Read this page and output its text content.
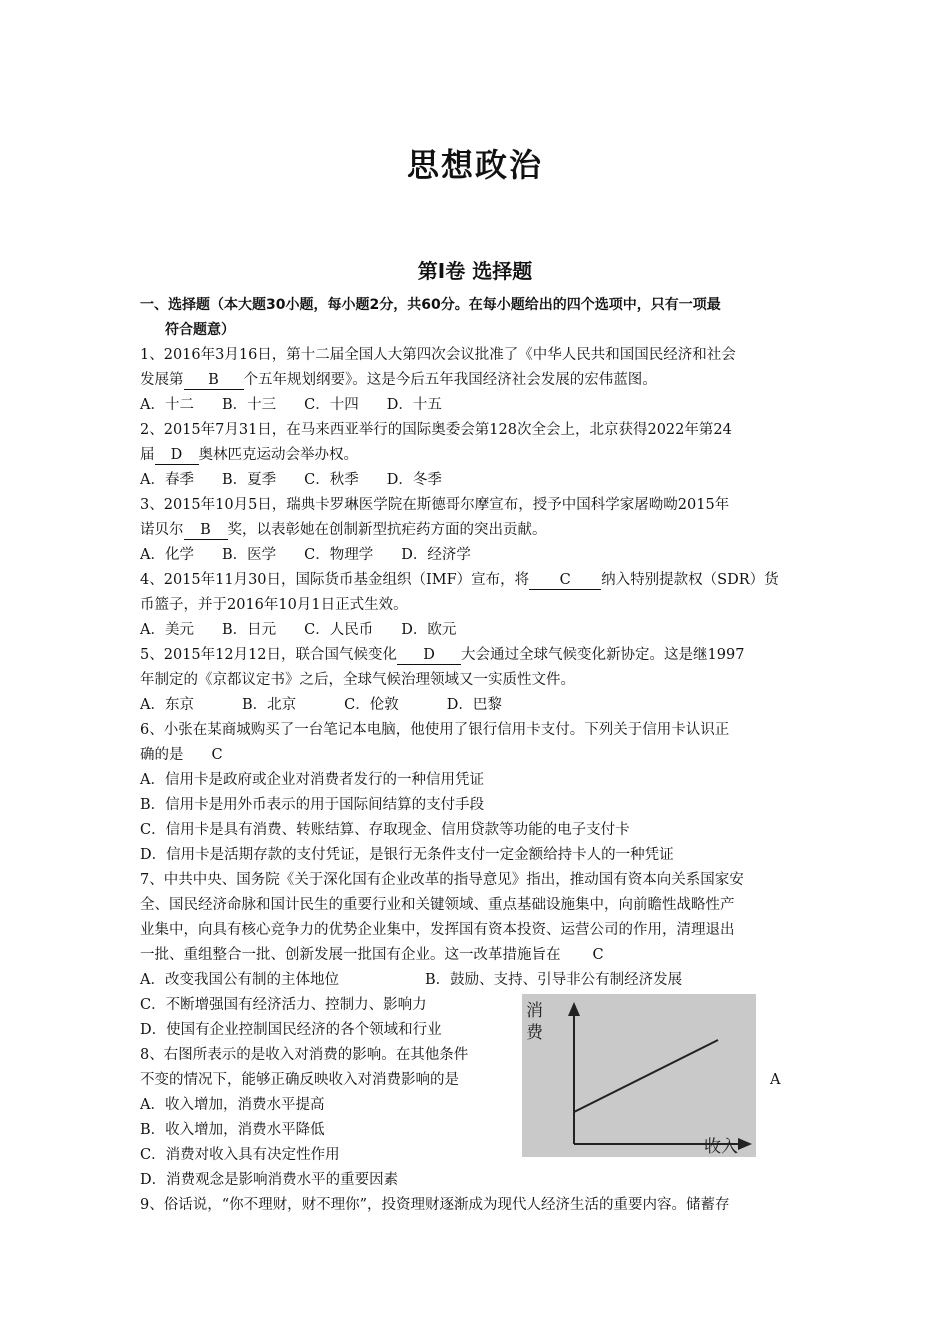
思想政治
第Ⅰ卷 选择题
一、选择题（本大题30小题，每小题2分，共60分。在每小题给出的四个选项中，只有一项最
符合题意）
1、2016年3月16日，第十二届全国人大第四次会议批准了《中华人民共和国国民经济和社会
发展第 B 个五年规划纲要》。这是今后五年我国经济社会发展的宏伟蓝图。
A．十二 B．十三 C．十四 D．十五
2、2015年7月31日，在马来西亚举行的国际奥委会第128次全会上，北京获得2022年第24
届 D 奥林匹克运动会举办权。
A．春季 B．夏季 C．秋季 D．冬季
3、2015年10月5日，瑞典卡罗琳医学院在斯德哥尔摩宣布，授予中国科学家屠呦呦2015年
诺贝尔 B 奖，以表彰她在创制新型抗疟药方面的突出贡献。
A．化学 B．医学 C．物理学 D．经济学
4、2015年11月30日，国际货币基金组织（IMF）宣布，将 C 纳入特别提款权（SDR）货
币篮子，并于2016年10月1日正式生效。
A．美元 B．日元 C．人民币 D．欧元
5、2015年12月12日，联合国气候变化 D 大会通过全球气候变化新协定。这是继1997
年制定的《京都议定书》之后，全球气候治理领域又一实质性文件。
A．东京	B．北京	C．伦敦	D．巴黎
6、小张在某商城购买了一台笔记本电脑，他使用了银行信用卡支付。下列关于信用卡认识正
确的是 C
A．信用卡是政府或企业对消费者发行的一种信用凭证
B．信用卡是用外币表示的用于国际间结算的支付手段
C．信用卡是具有消费、转账结算、存取现金、信用贷款等功能的电子支付卡
D．信用卡是活期存款的支付凭证，是银行无条件支付一定金额给持卡人的一种凭证
7、中共中央、国务院《关于深化国有企业改革的指导意见》指出，推动国有资本向关系国家安
全、国民经济命脉和国计民生的重要行业和关键领域、重点基础设施集中，向前瞻性战略性产
业集中，向具有核心竞争力的优势企业集中，发挥国有资本投资、运营公司的作用，清理退出
一批、重组整合一批、创新发展一批国有企业。这一改革措施旨在 C
A．改变我国公有制的主体地位	B．鼓励、支持、引导非公有制经济发展
C．不断增强国有经济活力、控制力、影响力
D．使国有企业控制国民经济的各个领域和行业
8、右图所表示的是收入对消费的影响。在其他条件
不变的情况下，能够正确反映收入对消费影响的是	A
A．收入增加，消费水平提高
B．收入增加，消费水平降低
C．消费对收入具有决定性作用
D．消费观念是影响消费水平的重要因素
消
费
收入
9、俗话说，“你不理财，财不理你”，投资理财逐渐成为现代人经济生活的重要内容。储蓄存
